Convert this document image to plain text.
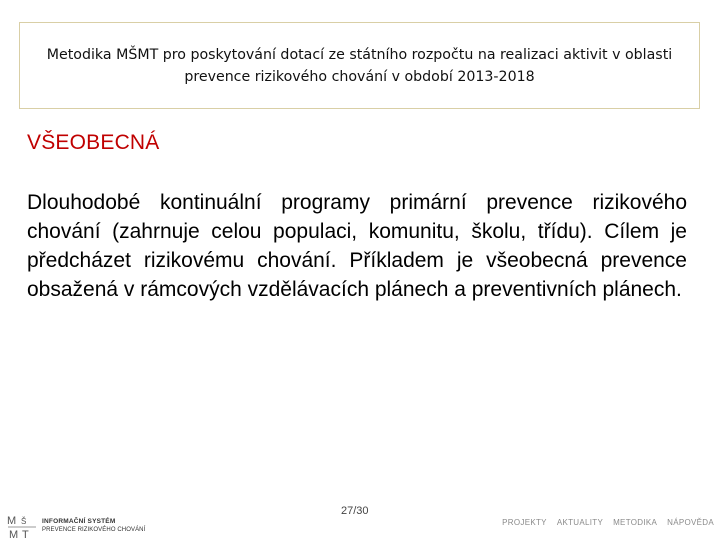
Metodika MŠMT pro poskytování dotací ze státního rozpočtu na realizaci aktivit v oblasti
prevence rizikového chování v období 2013-2018
VŠEOBECNÁ
Dlouhodobé kontinuální programy primární prevence rizikového chování (zahrnuje celou populaci, komunitu, školu, třídu). Cílem je předcházet rizikovému chování. Příkladem je všeobecná prevence obsažená v rámcových vzdělávacích plánech a preventivních plánech.
27/30
M Š
M T
INFORMAČNÍ SYSTÉM
PREVENCE RIZIKOVÉHO CHOVÁNÍ
PROJEKTY AKTUALITY METODIKA NÁPOVĚDA
